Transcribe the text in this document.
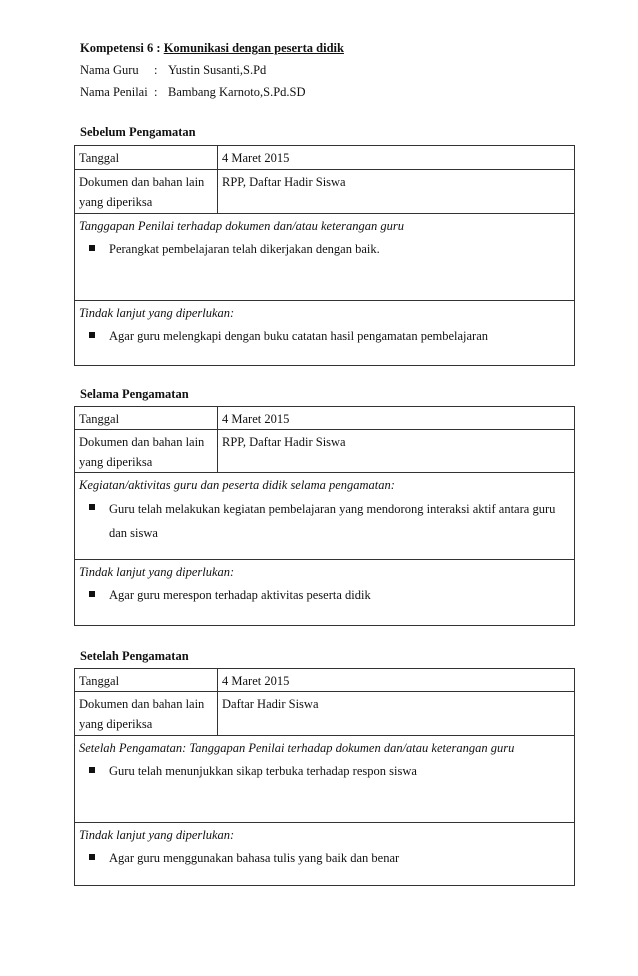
Kompetensi 6 : Komunikasi dengan peserta didik
Nama Guru : Yustin Susanti,S.Pd
Nama Penilai : Bambang Karnoto,S.Pd.SD
Sebelum Pengamatan
Tanggal	4 Maret 2015

Dokumen dan bahan lain
yang diperiksa	RPP, Daftar Hadir Siswa

Tanggapan Penilai terhadap dokumen dan/atau keterangan guru
Perangkat pembelajaran telah dikerjakan dengan baik.	

Tindak lanjut yang diperlukan:
Agar guru melengkapi dengan buku catatan hasil pengamatan pembelajaran	
Selama Pengamatan
Tanggal	4 Maret 2015

Dokumen dan bahan lain
yang diperiksa	RPP, Daftar Hadir Siswa

Kegiatan/aktivitas guru dan peserta didik selama pengamatan:
Guru telah melakukan kegiatan pembelajaran yang mendorong interaksi aktif antara guru dan siswa	

Tindak lanjut yang diperlukan:
Agar guru merespon terhadap aktivitas peserta didik	
Setelah Pengamatan
Tanggal	4 Maret 2015

Dokumen dan bahan lain
yang diperiksa	Daftar Hadir Siswa

Setelah Pengamatan: Tanggapan Penilai terhadap dokumen dan/atau keterangan guru
Guru telah menunjukkan sikap terbuka terhadap respon siswa	

Tindak lanjut yang diperlukan:
Agar guru menggunakan bahasa tulis yang baik dan benar	
